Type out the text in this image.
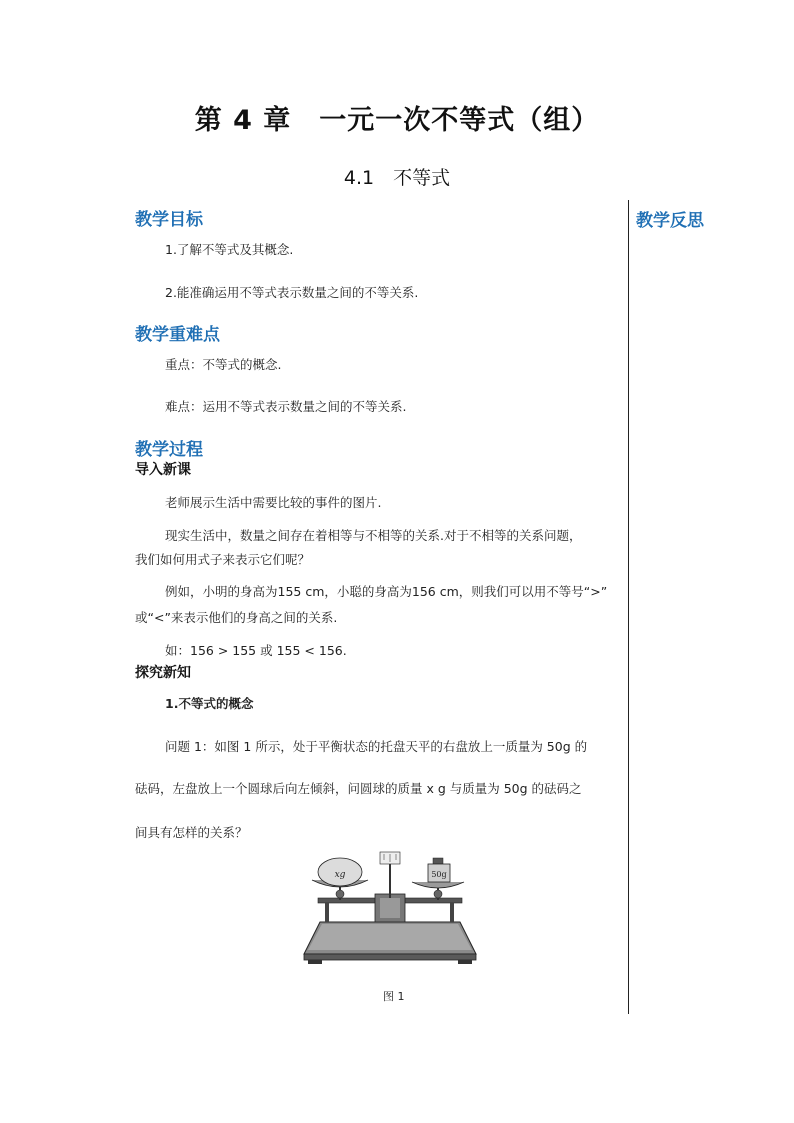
第 4 章　一元一次不等式（组）
4.1　不等式
教学反思
教学目标
1.了解不等式及其概念.
2.能准确运用不等式表示数量之间的不等关系.
教学重难点
重点：不等式的概念.
难点：运用不等式表示数量之间的不等关系.
教学过程
导入新课
老师展示生活中需要比较的事件的图片.
现实生活中，数量之间存在着相等与不相等的关系.对于不相等的关系问题，
我们如何用式子来表示它们呢？
例如，小明的身高为155 cm，小聪的身高为156 cm，则我们可以用不等号“>”
或“<”来表示他们的身高之间的关系.
如：156 > 155 或 155 < 156.
探究新知
1.不等式的概念
问题 1：如图 1 所示，处于平衡状态的托盘天平的右盘放上一质量为 50g 的
砝码，左盘放上一个圆球后向左倾斜，问圆球的质量 x g 与质量为 50g 的砝码之
间具有怎样的关系？
xg	50g
图 1
